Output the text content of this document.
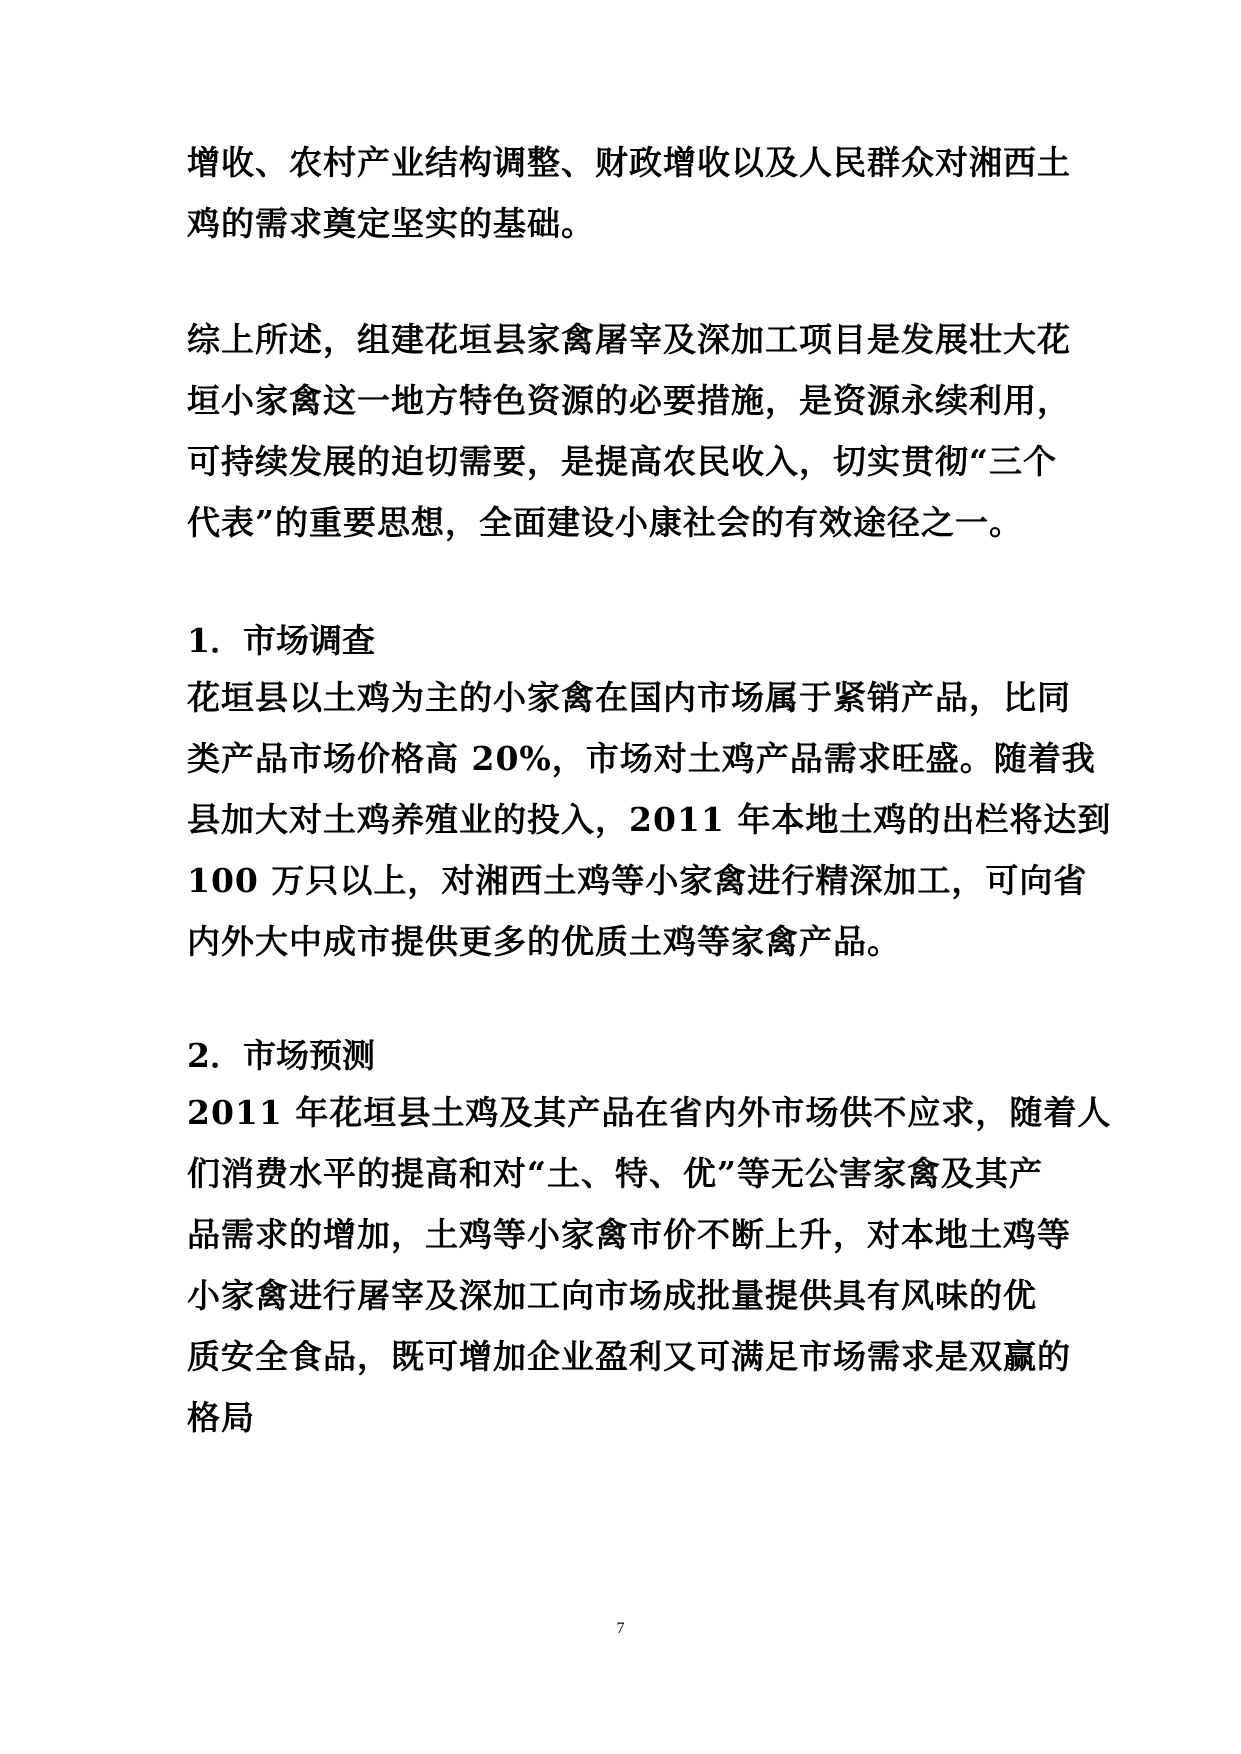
增收、农村产业结构调整、财政增收以及人民群众对湘西土
鸡的需求奠定坚实的基础。
综上所述，组建花垣县家禽屠宰及深加工项目是发展壮大花
垣小家禽这一地方特色资源的必要措施，是资源永续利用，
可持续发展的迫切需要，是提高农民收入，切实贯彻“三个
代表”的重要思想，全面建设小康社会的有效途径之一。
1．市场调查
花垣县以土鸡为主的小家禽在国内市场属于紧销产品，比同
类产品市场价格高 20%，市场对土鸡产品需求旺盛。随着我
县加大对土鸡养殖业的投入，2011 年本地土鸡的出栏将达到
100 万只以上，对湘西土鸡等小家禽进行精深加工，可向省
内外大中成市提供更多的优质土鸡等家禽产品。
2．市场预测
2011 年花垣县土鸡及其产品在省内外市场供不应求，随着人
们消费水平的提高和对“土、特、优”等无公害家禽及其产
品需求的增加，土鸡等小家禽市价不断上升，对本地土鸡等
小家禽进行屠宰及深加工向市场成批量提供具有风味的优
质安全食品，既可增加企业盈利又可满足市场需求是双赢的
格局
7
